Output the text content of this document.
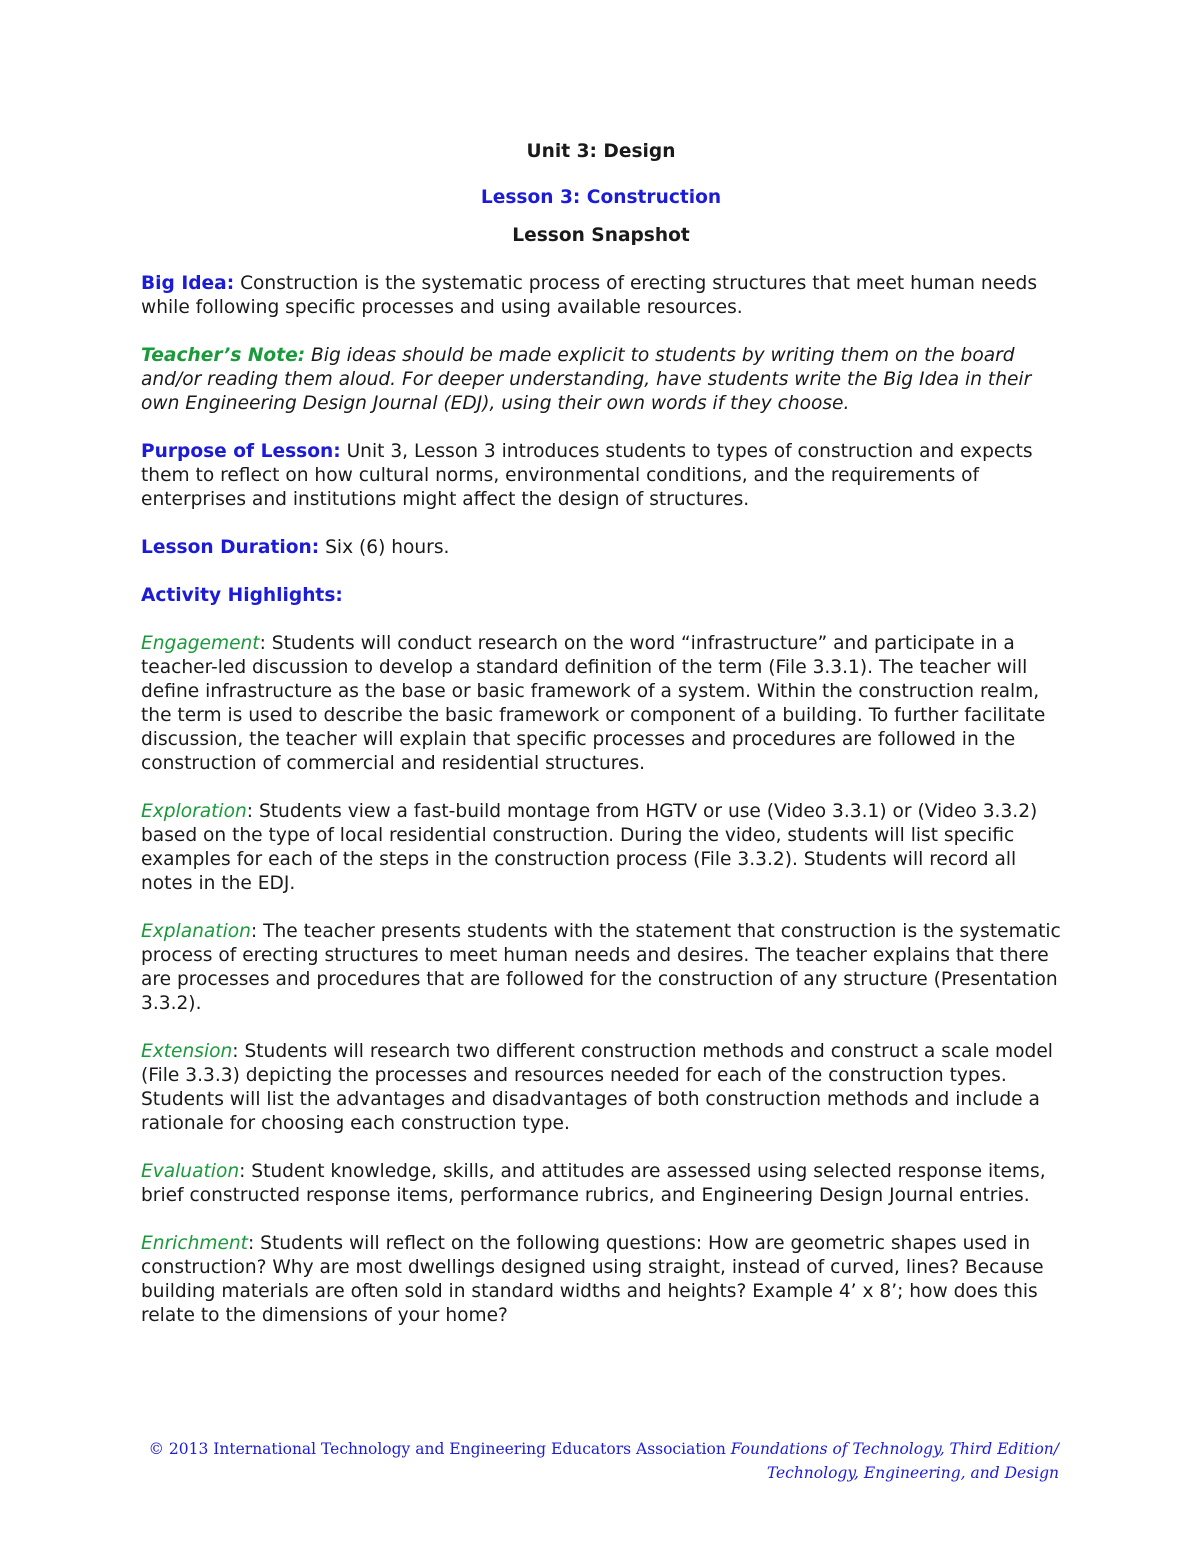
Unit 3: Design
Lesson 3: Construction
Lesson Snapshot

Big Idea: Construction is the systematic process of erecting structures that meet human needs while following specific processes and using available resources.

Teacher’s Note: Big ideas should be made explicit to students by writing them on the board and/or reading them aloud. For deeper understanding, have students write the Big Idea in their own Engineering Design Journal (EDJ), using their own words if they choose.

Purpose of Lesson: Unit 3, Lesson 3 introduces students to types of construction and expects them to reflect on how cultural norms, environmental conditions, and the requirements of enterprises and institutions might affect the design of structures.

Lesson Duration: Six (6) hours.

Activity Highlights:

Engagement: Students will conduct research on the word “infrastructure” and participate in a teacher-led discussion to develop a standard definition of the term (File 3.3.1). The teacher will define infrastructure as the base or basic framework of a system. Within the construction realm, the term is used to describe the basic framework or component of a building. To further facilitate discussion, the teacher will explain that specific processes and procedures are followed in the construction of commercial and residential structures.

Exploration: Students view a fast-build montage from HGTV or use (Video 3.3.1) or (Video 3.3.2) based on the type of local residential construction. During the video, students will list specific examples for each of the steps in the construction process (File 3.3.2). Students will record all notes in the EDJ.

Explanation: The teacher presents students with the statement that construction is the systematic process of erecting structures to meet human needs and desires. The teacher explains that there are processes and procedures that are followed for the construction of any structure (Presentation 3.3.2).

Extension: Students will research two different construction methods and construct a scale model (File 3.3.3) depicting the processes and resources needed for each of the construction types. Students will list the advantages and disadvantages of both construction methods and include a rationale for choosing each construction type.

Evaluation: Student knowledge, skills, and attitudes are assessed using selected response items, brief constructed response items, performance rubrics, and Engineering Design Journal entries.

Enrichment: Students will reflect on the following questions: How are geometric shapes used in construction? Why are most dwellings designed using straight, instead of curved, lines? Because building materials are often sold in standard widths and heights? Example 4’ x 8’; how does this relate to the dimensions of your home?

© 2013 International Technology and Engineering Educators Association Foundations of Technology, Third Edition/
Technology, Engineering, and Design
